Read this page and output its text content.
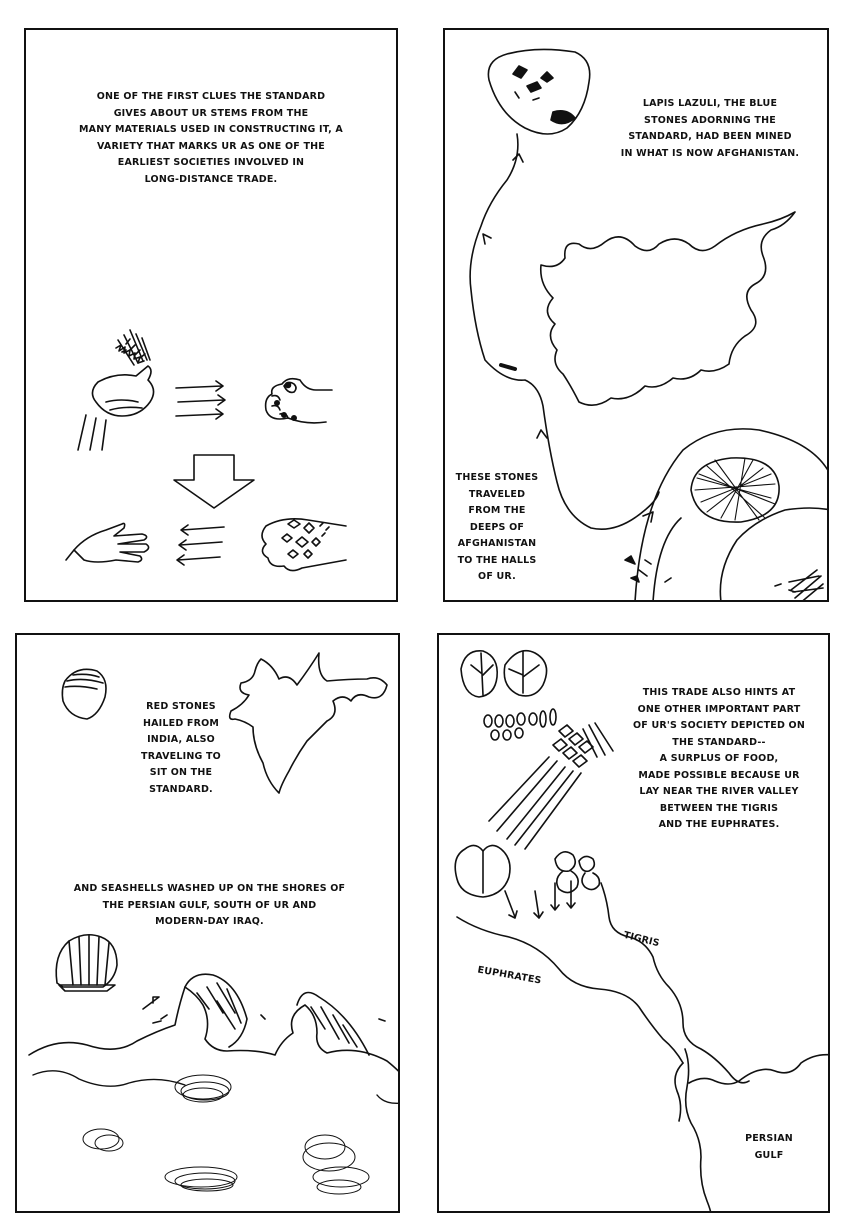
ONE OF THE FIRST CLUES THE STANDARD
GIVES ABOUT UR STEMS FROM THE
MANY MATERIALS USED IN CONSTRUCTING IT, A
VARIETY THAT MARKS UR AS ONE OF THE
EARLIEST SOCIETIES INVOLVED IN
LONG-DISTANCE TRADE.
LAPIS LAZULI, THE BLUE
STONES ADORNING THE
STANDARD, HAD BEEN MINED
IN WHAT IS NOW AFGHANISTAN.
THESE STONES
TRAVELED
FROM THE
DEEPS OF
AFGHANISTAN
TO THE HALLS
OF UR.
RED STONES
HAILED FROM
INDIA, ALSO
TRAVELING TO
SIT ON THE
STANDARD.
AND SEASHELLS WASHED UP ON THE SHORES OF
THE PERSIAN GULF, SOUTH OF UR AND
MODERN-DAY IRAQ.
THIS TRADE ALSO HINTS AT
ONE OTHER IMPORTANT PART
OF UR'S SOCIETY DEPICTED ON
THE STANDARD--
A SURPLUS OF FOOD,
MADE POSSIBLE BECAUSE UR
LAY NEAR THE RIVER VALLEY
BETWEEN THE TIGRIS
AND THE EUPHRATES.
TIGRIS
EUPHRATES
PERSIAN
GULF
